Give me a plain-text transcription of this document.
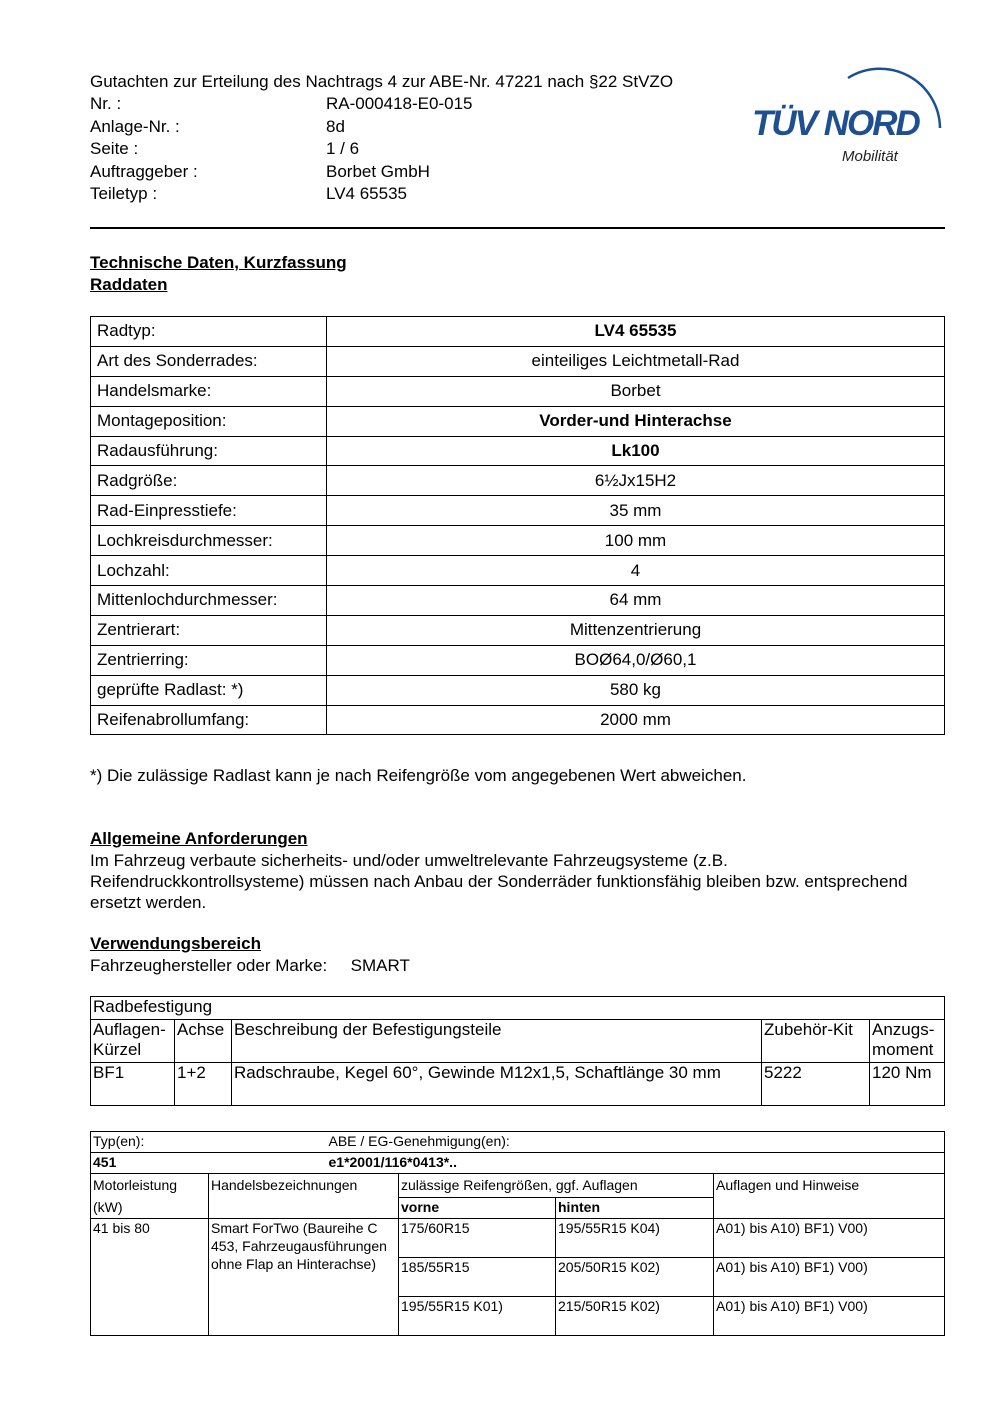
Gutachten zur Erteilung des Nachtrags 4 zur ABE-Nr. 47221 nach §22 StVZO
Nr. :	RA-000418-E0-015
Anlage-Nr. :	8d
Seite :	1 / 6
Auftraggeber :	Borbet GmbH
Teiletyp :	LV4 65535
TÜV NORD
Mobilität
Technische Daten, Kurzfassung
Raddaten
Radtyp:	LV4 65535
Art des Sonderrades:	einteiliges Leichtmetall-Rad
Handelsmarke:	Borbet
Montageposition:	Vorder-und Hinterachse
Radausführung:	Lk100
Radgröße:	6½Jx15H2
Rad-Einpresstiefe:	35 mm
Lochkreisdurchmesser:	100 mm
Lochzahl:	4
Mittenlochdurchmesser:	64 mm
Zentrierart:	Mittenzentrierung
Zentrierring:	BOØ64,0/Ø60,1
geprüfte Radlast: *)	580 kg
Reifenabrollumfang:	2000 mm
*) Die zulässige Radlast kann je nach Reifengröße vom angegebenen Wert abweichen.
Allgemeine Anforderungen
Im Fahrzeug verbaute sicherheits- und/oder umweltrelevante Fahrzeugsysteme (z.B. Reifendruckkontrollsysteme) müssen nach Anbau der Sonderräder funktionsfähig bleiben bzw. entsprechend ersetzt werden.
Verwendungsbereich
Fahrzeughersteller oder Marke: SMART
Radbefestigung				
Auflagen-Kürzel	Achse	Beschreibung der Befestigungsteile	Zubehör-Kit	Anzugs-moment
BF1	1+2	Radschraube, Kegel 60°, Gewinde M12x1,5, Schaftlänge 30 mm	5222	120 Nm
Typ(en):		ABE / EG-Genehmigung(en):		
451		e1*2001/116*0413*..		
Motorleistung (kW)	Handelsbezeichnungen	zulässige Reifengrößen, ggf. Auflagen		Auflagen und Hinweise
		vorne	hinten	
41 bis 80	Smart ForTwo (Baureihe C 453, Fahrzeugausführungen ohne Flap an Hinterachse)	175/60R15	195/55R15 K04)	A01) bis A10) BF1) V00)
		185/55R15	205/50R15 K02)	A01) bis A10) BF1) V00)
		195/55R15 K01)	215/50R15 K02)	A01) bis A10) BF1) V00)
